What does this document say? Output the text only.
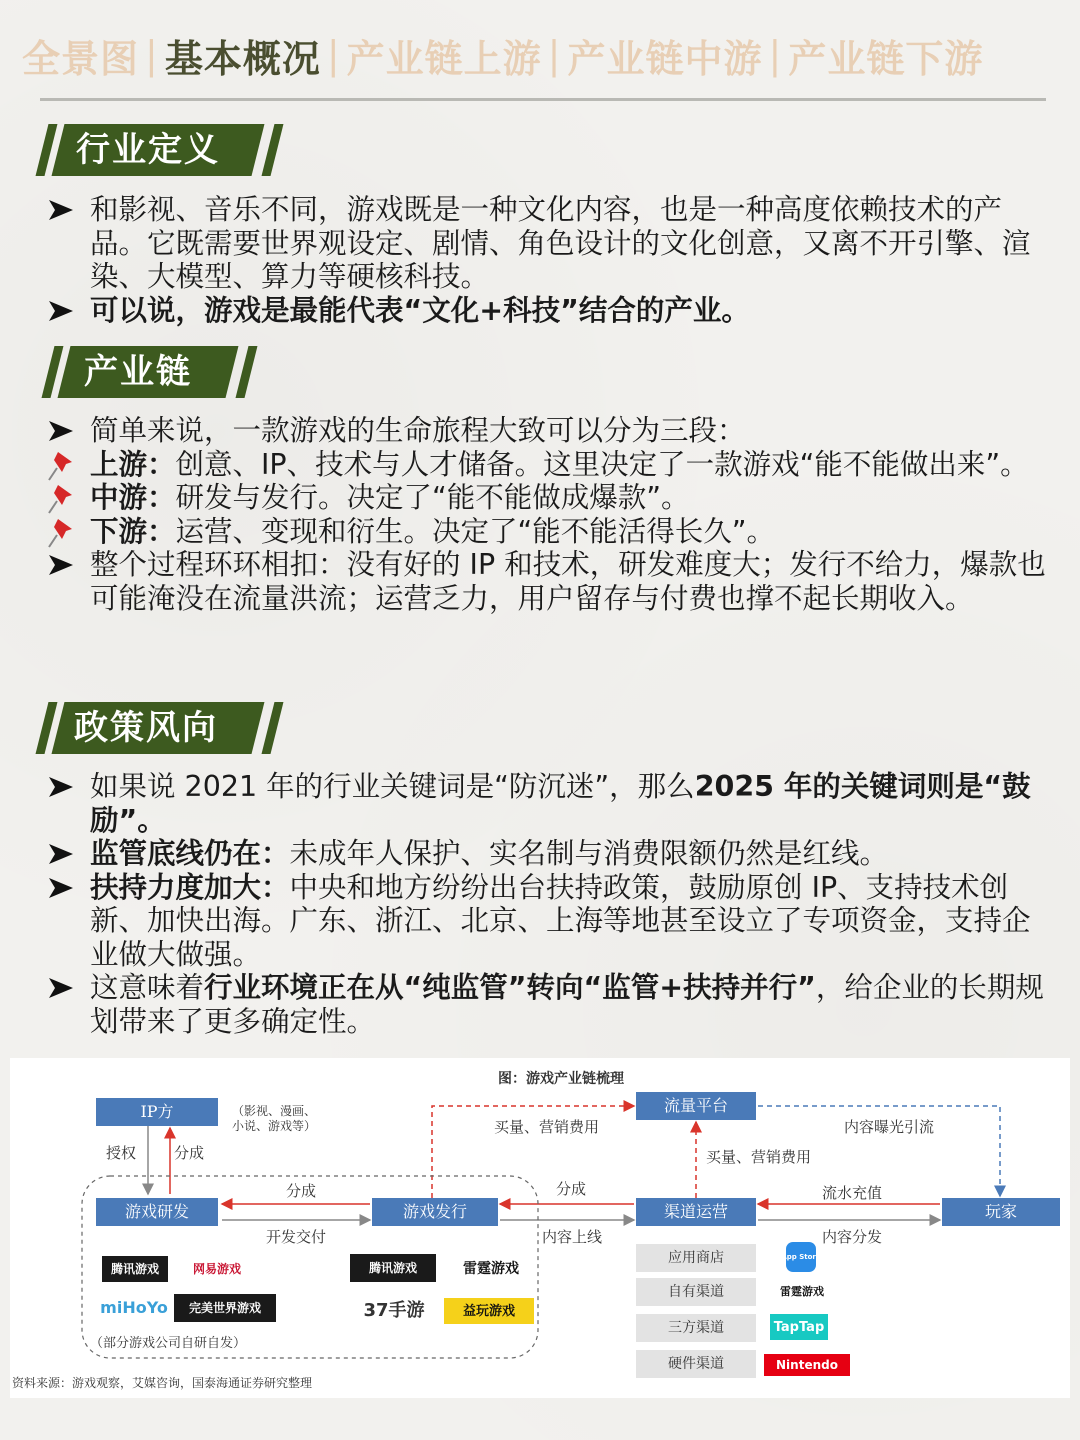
全景图 | 基本概况 | 产业链上游 | 产业链中游 | 产业链下游
行业定义
和影视、音乐不同，游戏既是一种文化内容，也是一种高度依赖技术的产品。它既需要世界观设定、剧情、角色设计的文化创意，又离不开引擎、渲染、大模型、算力等硬核科技。
可以说，游戏是最能代表“文化+科技”结合的产业。
产业链
简单来说，一款游戏的生命旅程大致可以分为三段：
上游：创意、IP、技术与人才储备。这里决定了一款游戏“能不能做出来”。
中游：研发与发行。决定了“能不能做成爆款”。
下游：运营、变现和衍生。决定了“能不能活得长久”。
整个过程环环相扣：没有好的 IP 和技术，研发难度大；发行不给力，爆款也可能淹没在流量洪流；运营乏力，用户留存与付费也撑不起长期收入。
政策风向
如果说 2021 年的行业关键词是“防沉迷”，那么2025 年的关键词则是“鼓励”。
监管底线仍在：未成年人保护、实名制与消费限额仍然是红线。
扶持力度加大：中央和地方纷纷出台扶持政策，鼓励原创 IP、支持技术创新、加快出海。广东、浙江、北京、上海等地甚至设立了专项资金，支持企业做大做强。
这意味着行业环境正在从“纯监管”转向“监管+扶持并行”，给企业的长期规划带来了更多确定性。
图：游戏产业链梳理
IP方
游戏研发	游戏发行
流量平台
渠道运营	玩家
（影视、漫画、小说、游戏等）
授权	分成
分成
开发交付
分成
内容上线
买量、营销费用
买量、营销费用
内容曝光引流
流水充值
内容分发
（部分游戏公司自研自发）
腾讯游戏	网易游戏
miHoYo	完美世界游戏
腾讯游戏	雷霆游戏
37手游	益玩游戏
应用商店
自有渠道
三方渠道
硬件渠道
App Store
雷霆游戏
TapTap
Nintendo
资料来源：游戏观察，艾媒咨询，国泰海通证券研究整理
